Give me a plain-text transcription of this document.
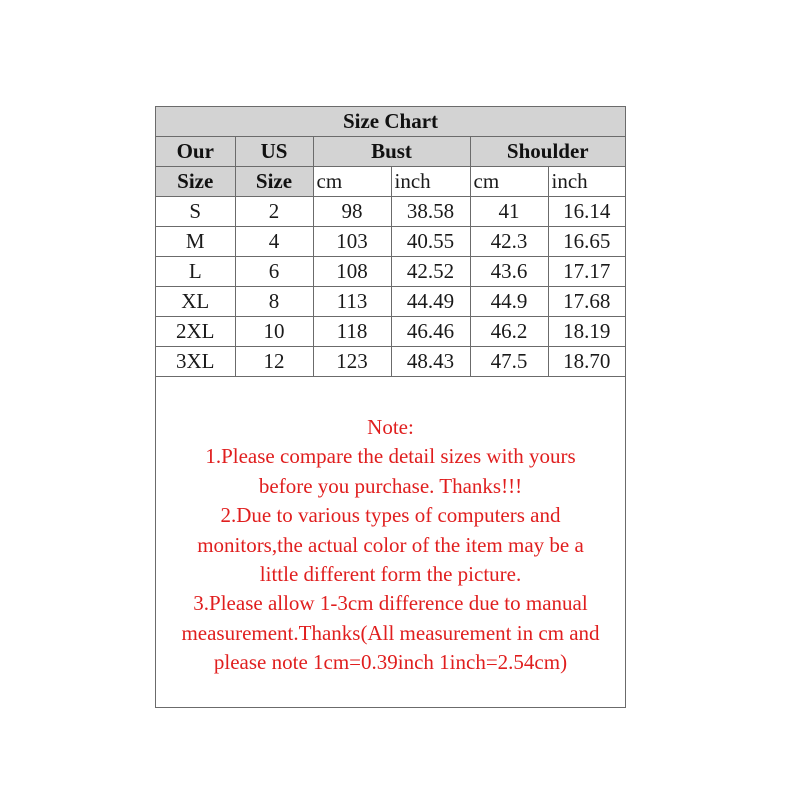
Size Chart					
Our	US	Bust		Shoulder	
Size	Size	cm	inch	cm	inch
S	2	98	38.58	41	16.14
M	4	103	40.55	42.3	16.65
L	6	108	42.52	43.6	17.17
XL	8	113	44.49	44.9	17.68
2XL	10	118	46.46	46.2	18.19
3XL	12	123	48.43	47.5	18.70
Note:
1.Please compare the detail sizes with yours
before you purchase. Thanks!!!
2.Due to various types of computers and
monitors,the actual color of the item may be a
little different form the picture.
3.Please allow 1-3cm difference due to manual
measurement.Thanks(All measurement in cm and
please note 1cm=0.39inch 1inch=2.54cm)
